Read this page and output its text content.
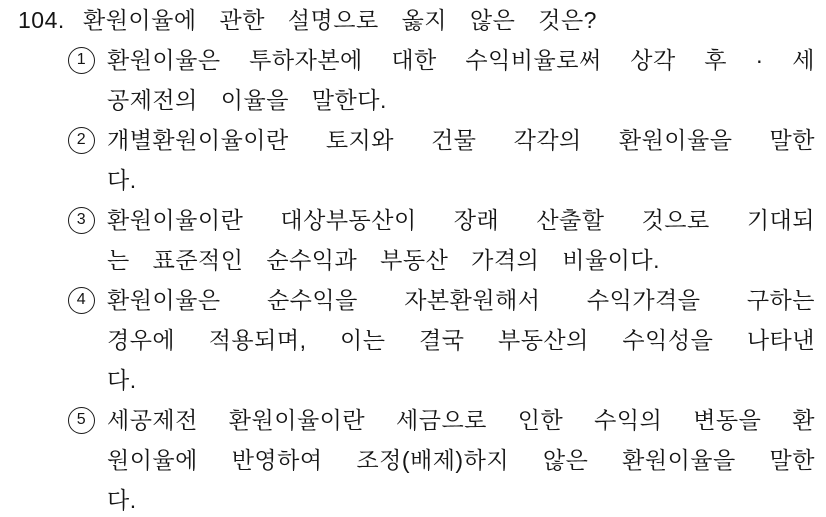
104. 환원이율에 관한 설명으로 옳지 않은 것은?
1 환원이율은 투하자본에 대한 수익비율로써 상각 후 · 세
공제전의 이율을 말한다.
2 개별환원이율이란 토지와 건물 각각의 환원이율을 말한
다.
3 환원이율이란 대상부동산이 장래 산출할 것으로 기대되
는 표준적인 순수익과 부동산 가격의 비율이다.
4 환원이율은 순수익을 자본환원해서 수익가격을 구하는
경우에 적용되며, 이는 결국 부동산의 수익성을 나타낸
다.
5 세공제전 환원이율이란 세금으로 인한 수익의 변동을 환
원이율에 반영하여 조정(배제)하지 않은 환원이율을 말한
다.
